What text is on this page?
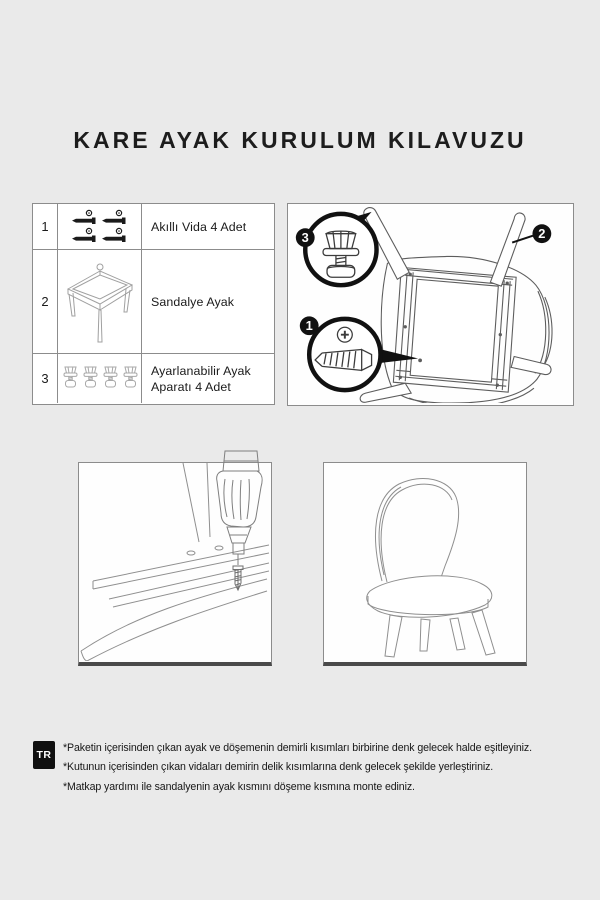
KARE AYAK KURULUM KILAVUZU
1	Akıllı Vida 4 Adet
2	Sandalye Ayak
3
Ayarlanabilir Ayak Aparatı 4 Adet
3
1
2
TR
*Paketin içerisinden çıkan ayak ve döşemenin demirli kısımları birbirine denk gelecek halde eşitleyiniz.
*Kutunun içerisinden çıkan vidaları demirin delik kısımlarına denk gelecek şekilde yerleştiriniz.
*Matkap yardımı ile sandalyenin ayak kısmını döşeme kısmına monte ediniz.
